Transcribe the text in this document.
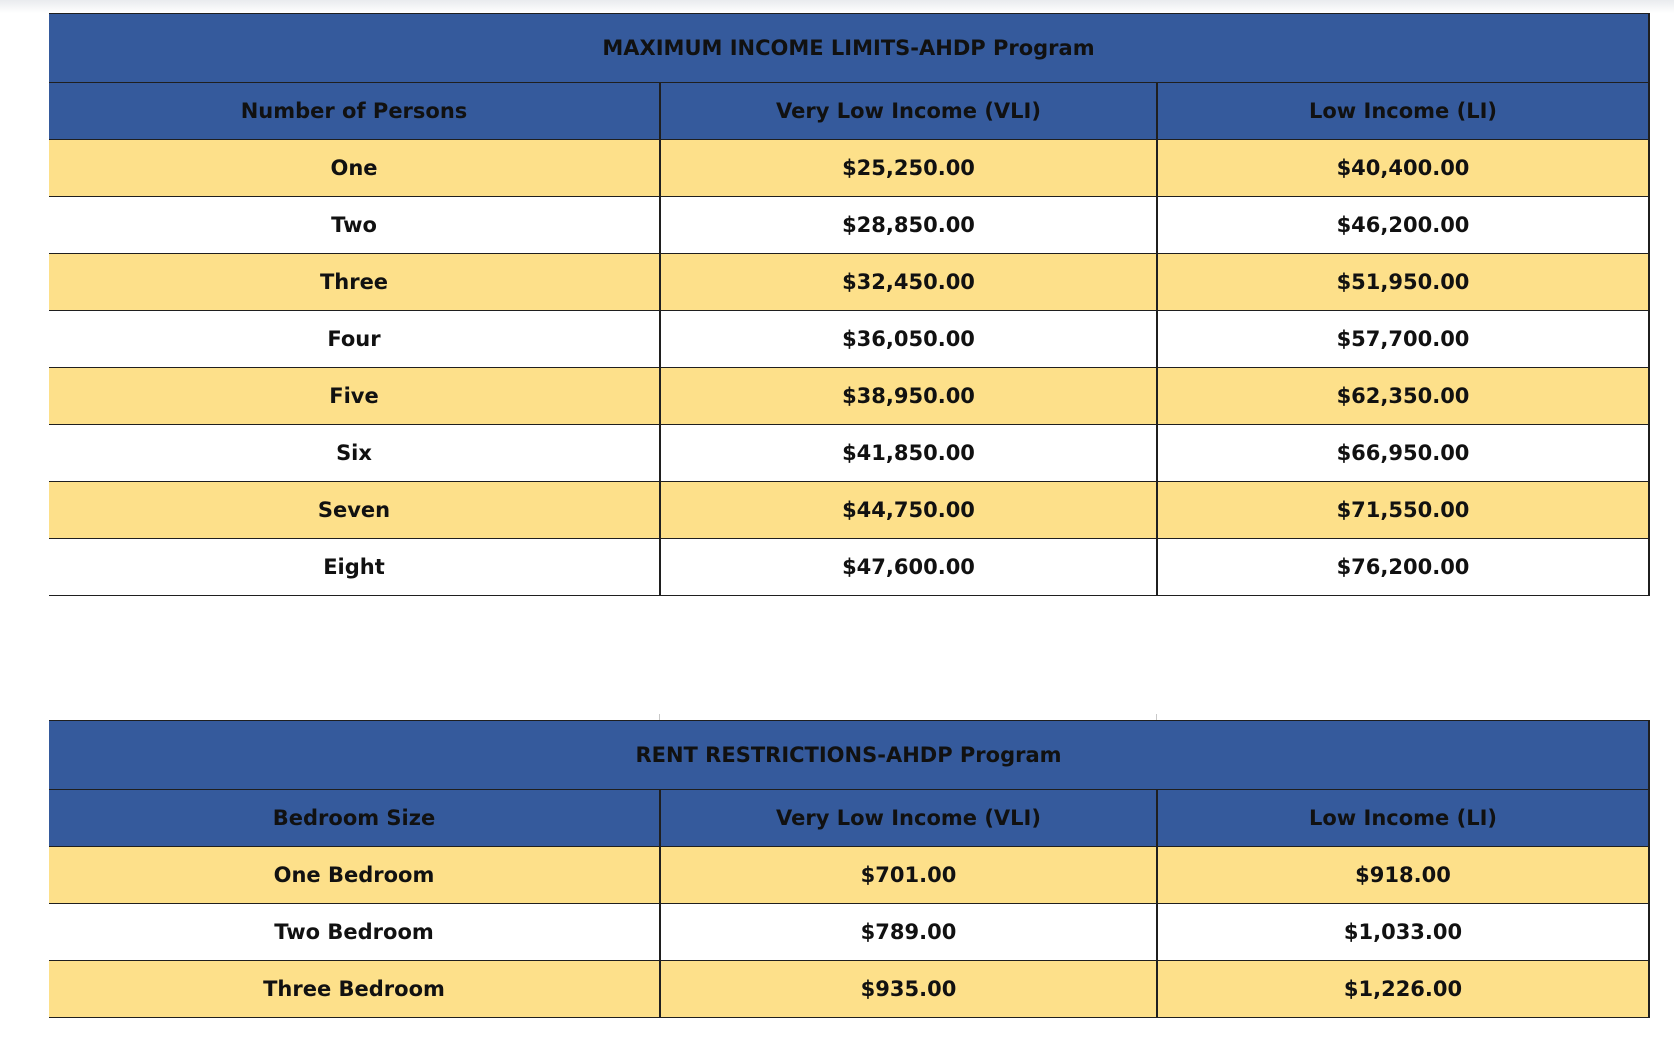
MAXIMUM INCOME LIMITS-AHDP Program		
Number of Persons	Very Low Income (VLI)	Low Income (LI)
One	$25,250.00	$40,400.00
Two	$28,850.00	$46,200.00
Three	$32,450.00	$51,950.00
Four	$36,050.00	$57,700.00
Five	$38,950.00	$62,350.00
Six	$41,850.00	$66,950.00
Seven	$44,750.00	$71,550.00
Eight	$47,600.00	$76,200.00
RENT RESTRICTIONS-AHDP Program		
Bedroom Size	Very Low Income (VLI)	Low Income (LI)
One Bedroom	$701.00	$918.00
Two Bedroom	$789.00	$1,033.00
Three Bedroom	$935.00	$1,226.00
